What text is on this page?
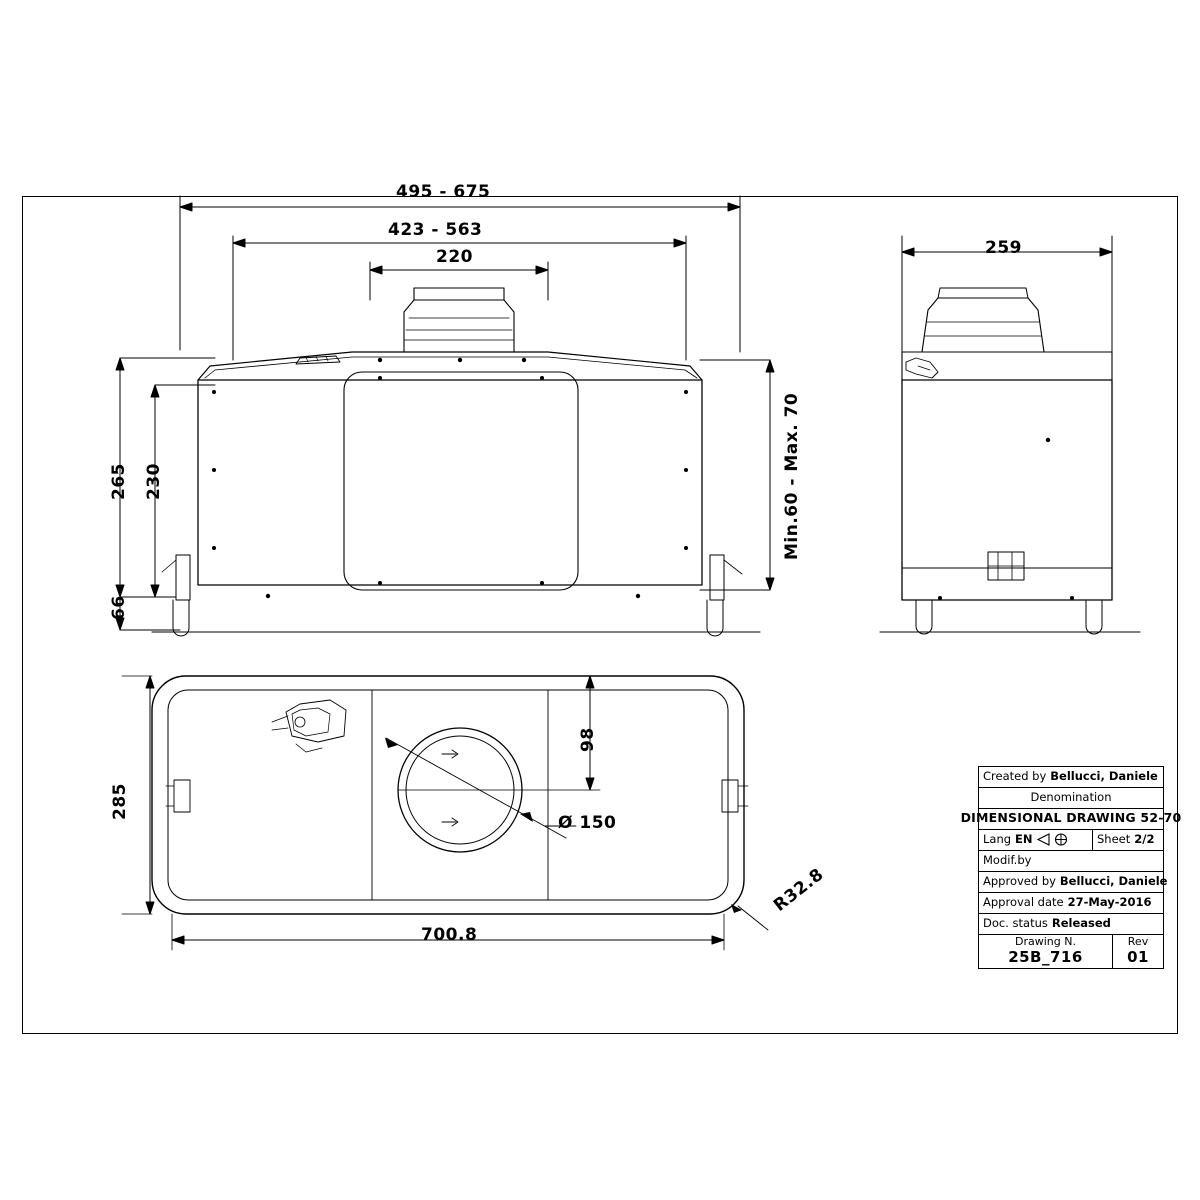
495 - 675
423 - 563
220
265 230
66
Min.60 - Max. 70
259
98
285
700.8
Ø 150
R32.8
Created by Bellucci, Daniele
Denomination
DIMENSIONAL DRAWING 52-70
Lang EN	Sheet 2/2
Modif.by
Approved by Bellucci, Daniele
Approval date 27-May-2016
Doc. status Released
Drawing N.
25B_716
Rev
01
